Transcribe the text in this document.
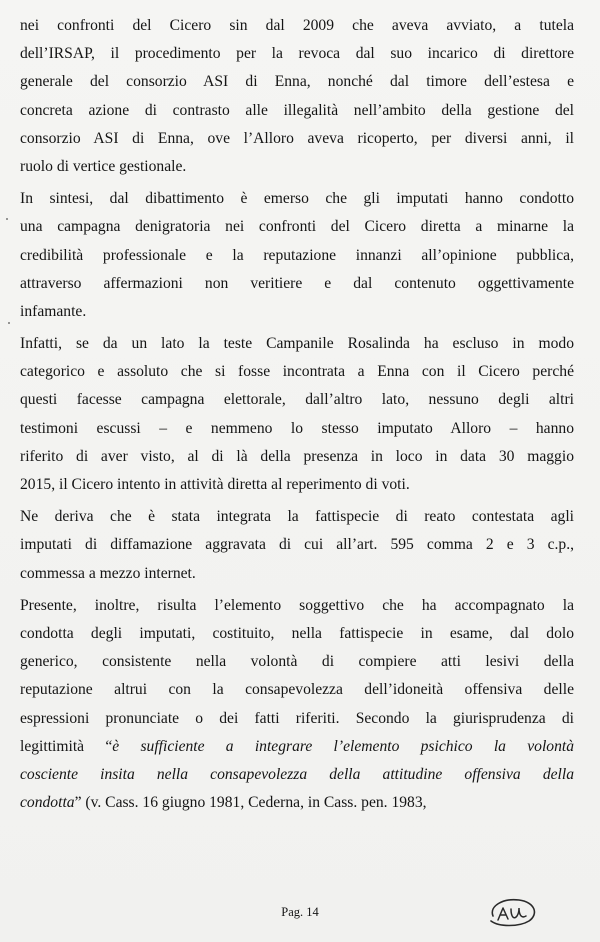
nei confronti del Cicero sin dal 2009 che aveva avviato, a tutela
dell’IRSAP, il procedimento per la revoca dal suo incarico di direttore
generale del consorzio ASI di Enna, nonché dal timore dell’estesa e
concreta azione di contrasto alle illegalità nell’ambito della gestione del
consorzio ASI di Enna, ove l’Alloro aveva ricoperto, per diversi anni, il
ruolo di vertice gestionale.
In sintesi, dal dibattimento è emerso che gli imputati hanno condotto
una campagna denigratoria nei confronti del Cicero diretta a minarne la
credibilità professionale e la reputazione innanzi all’opinione pubblica,
attraverso affermazioni non veritiere e dal contenuto oggettivamente
infamante.
Infatti, se da un lato la teste Campanile Rosalinda ha escluso in modo
categorico e assoluto che si fosse incontrata a Enna con il Cicero perché
questi facesse campagna elettorale, dall’altro lato, nessuno degli altri
testimoni escussi – e nemmeno lo stesso imputato Alloro – hanno
riferito di aver visto, al di là della presenza in loco in data 30 maggio
2015, il Cicero intento in attività diretta al reperimento di voti.
Ne deriva che è stata integrata la fattispecie di reato contestata agli
imputati di diffamazione aggravata di cui all’art. 595 comma 2 e 3 c.p.,
commessa a mezzo internet.
Presente, inoltre, risulta l’elemento soggettivo che ha accompagnato la
condotta degli imputati, costituito, nella fattispecie in esame, dal dolo
generico, consistente nella volontà di compiere atti lesivi della
reputazione altrui con la consapevolezza dell’idoneità offensiva delle
espressioni pronunciate o dei fatti riferiti. Secondo la giurisprudenza di
legittimità “è sufficiente a integrare l’elemento psichico la volontà
cosciente insita nella consapevolezza della attitudine offensiva della
condotta” (v. Cass. 16 giugno 1981, Cederna, in Cass. pen. 1983,
Pag. 14
